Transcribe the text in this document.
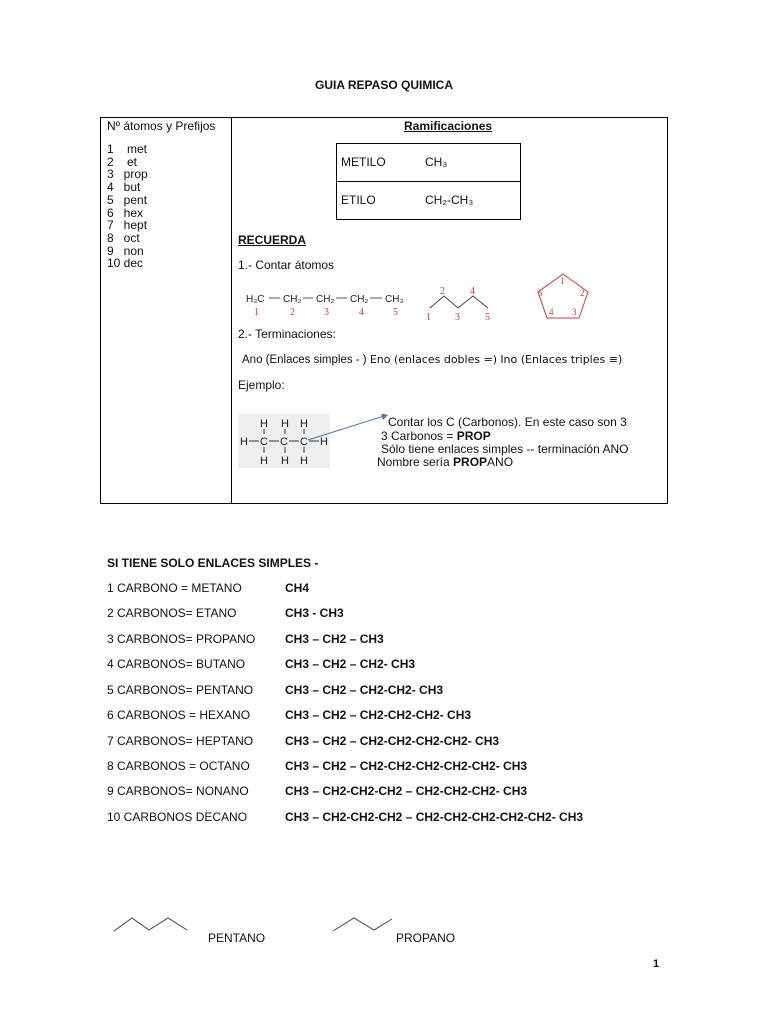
GUIA REPASO QUIMICA
Nº átomos y Prefijos
1    met
2    et
3   prop
4   but
5   pent
6   hex
7   hept
8   oct
9   non
10 dec
Ramificaciones
METILO	CH₃
ETILO	CH₂-CH₃
RECUERDA
1.- Contar átomos
H₃C CH₂ CH₂ CH₂ CH₃
1	2	3	4	5	1
2
3
4
5
1
2
3
4
5
2.- Terminaciones:
Ano (Enlaces simples - ) Eno (enlaces dobles =) Ino (Enlaces triples ≡)
Ejemplo:
H H H
H C C C H
H H H
Contar los C (Carbonos). En este caso son 3
3 Carbonos = PROP
Sólo tiene enlaces simples -- terminación ANO
Nombre sería PROPANO
SI TIENE SOLO ENLACES SIMPLES -
1 CARBONO = METANO	CH4
2 CARBONOS= ETANO	CH3 - CH3
3 CARBONOS= PROPANO CH3 – CH2 – CH3
4 CARBONOS= BUTANO	CH3 – CH2 – CH2- CH3
5 CARBONOS= PENTANO	CH3 – CH2 – CH2-CH2- CH3
6 CARBONOS = HEXANO	CH3 – CH2 – CH2-CH2-CH2- CH3
7 CARBONOS= HEPTANO	CH3 – CH2 – CH2-CH2-CH2-CH2- CH3
8 CARBONOS = OCTANO	CH3 – CH2 – CH2-CH2-CH2-CH2-CH2- CH3
9 CARBONOS= NONANO	CH3 – CH2-CH2-CH2 – CH2-CH2-CH2- CH3
10 CARBONOS DECANO	CH3 – CH2-CH2-CH2 – CH2-CH2-CH2-CH2-CH2- CH3
PENTANO	PROPANO
1
